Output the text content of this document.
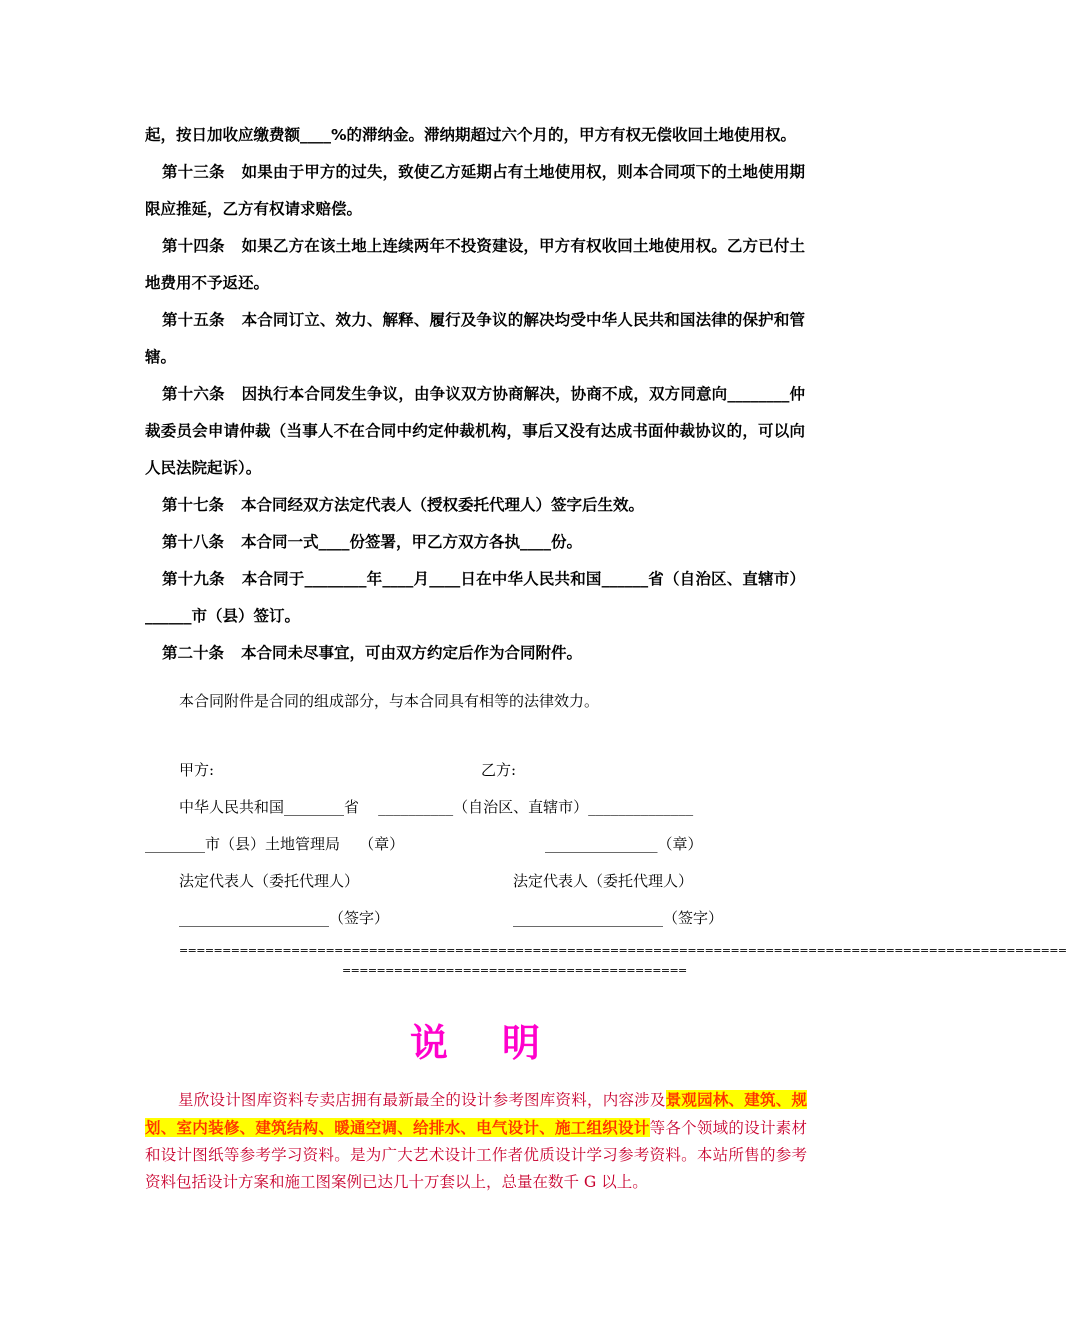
起，按日加收应缴费额____%的滞纳金。滞纳期超过六个月的，甲方有权无偿收回土地使用权。

第十三条 如果由于甲方的过失，致使乙方延期占有土地使用权，则本合同项下的土地使用期限应推延，乙方有权请求赔偿。

第十四条 如果乙方在该土地上连续两年不投资建设，甲方有权收回土地使用权。乙方已付土地费用不予返还。

第十五条 本合同订立、效力、解释、履行及争议的解决均受中华人民共和国法律的保护和管辖。

第十六条 因执行本合同发生争议，由争议双方协商解决，协商不成，双方同意向________仲裁委员会申请仲裁（当事人不在合同中约定仲裁机构，事后又没有达成书面仲裁协议的，可以向人民法院起诉）。

第十七条 本合同经双方法定代表人（授权委托代理人）签字后生效。

第十八条 本合同一式____份签署，甲乙方双方各执____份。

第十九条 本合同于________年____月____日在中华人民共和国______省（自治区、直辖市）______市（县）签订。

第二十条 本合同未尽事宜，可由双方约定后作为合同附件。

本合同附件是合同的组成部分，与本合同具有相等的法律效力。
甲方:	乙方:
中华人民共和国________省    __________（自治区、直辖市）______________
________市（县）土地管理局    （章）	_______________（章）
法定代表人（委托代理人）	法定代表人（委托代理人）
____________________（签字）	____________________（签字）
=======================================================================================================
========================================
说 明
星欣设计图库资料专卖店拥有最新最全的设计参考图库资料，内容涉及景观园林、建筑、规划、室内装修、建筑结构、暖通空调、给排水、电气设计、施工组织设计等各个领域的设计素材和设计图纸等参考学习资料。是为广大艺术设计工作者优质设计学习参考资料。本站所售的参考资料包括设计方案和施工图案例已达几十万套以上，总量在数千 G 以上。
